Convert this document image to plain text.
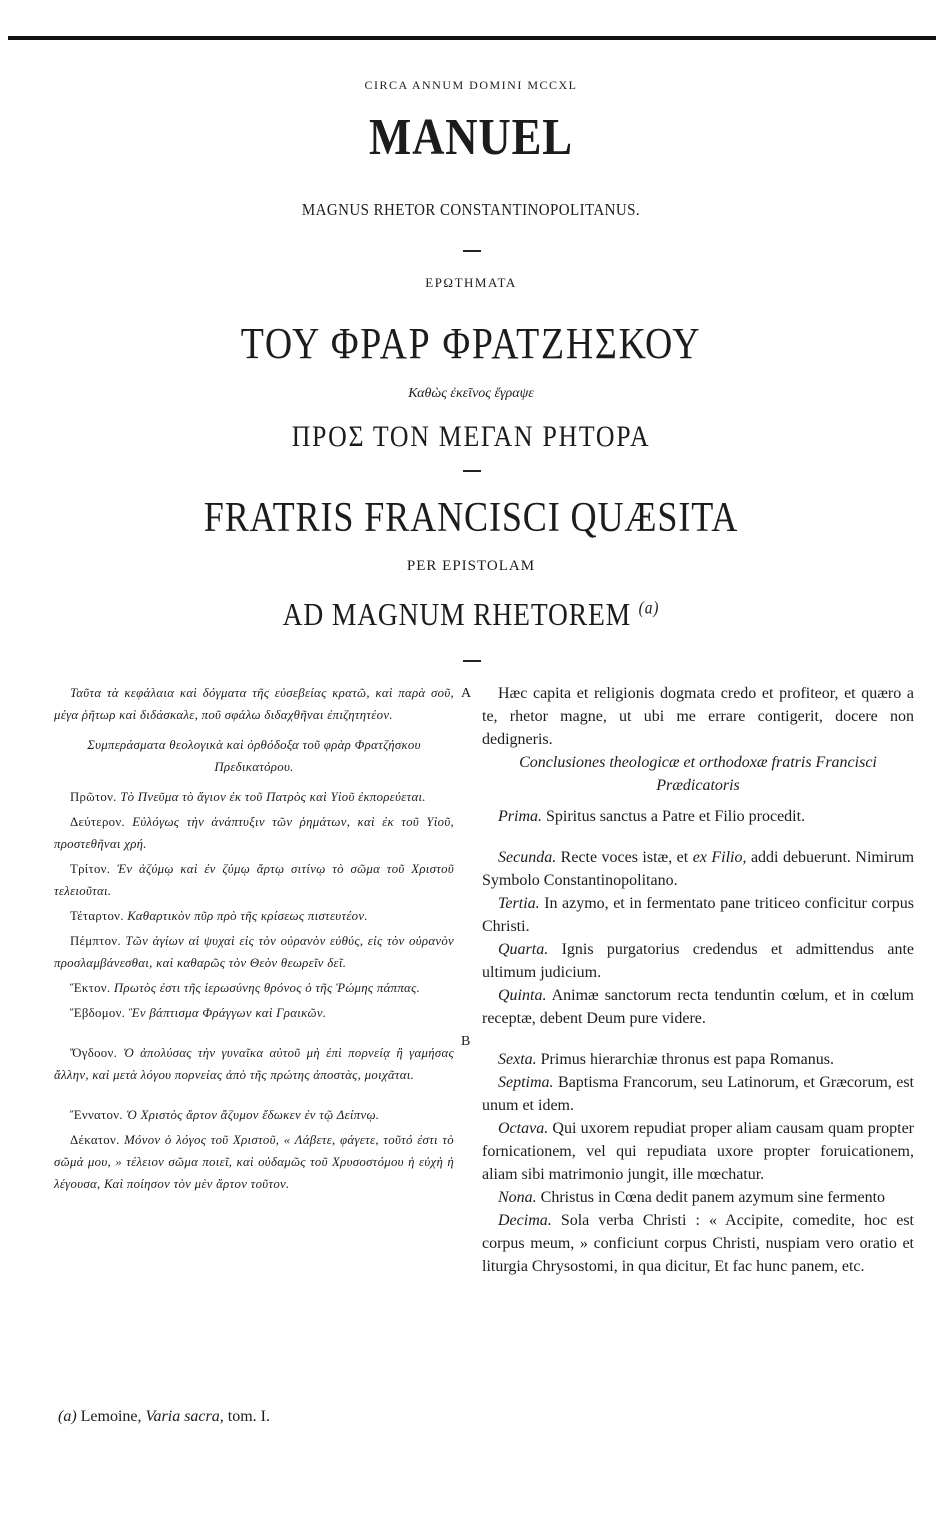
CIRCA ANNUM DOMINI MCCXL
MANUEL
MAGNUS RHETOR CONSTANTINOPOLITANUS.
ΕΡΩΤΗΜΑΤΑ
ΤΟΥ ΦΡΑΡ ΦΡΑΤΖΗΣΚΟΥ
Καθὼς ἐκεῖνος ἔγραψε
ΠΡΟΣ ΤΟΝ ΜΕΓΑΝ ΡΗΤΟΡΑ
FRATRIS FRANCISCI QUÆSITA
PER EPISTOLAM
AD MAGNUM RHETOREM $^{(a)}$
A
B

Ταῦτα τὰ κεφάλαια καὶ δόγματα τῆς εὐσεβείας κρατῶ, καὶ παρὰ σοῦ, μέγα ῥῆτωρ καὶ διδάσκαλε, ποῦ σφάλω διδαχθῆναι ἐπιζητητέον.

Συμπεράσματα θεολογικὰ καὶ ὀρθόδοξα τοῦ φρὰρ Φρατζήσκου Πρεδικατόρου.

Πρῶτον. Τὸ Πνεῦμα τὸ ἅγιον ἐκ τοῦ Πατρὸς καὶ Υἱοῦ ἐκπορεύεται.

Δεύτερον. Εὐλόγως τὴν ἀνάπτυξιν τῶν ῥημάτων, καὶ ἐκ τοῦ Υἱοῦ, προστεθῆναι χρή.

Τρίτον. Ἐν ἀζύμῳ καὶ ἐν ζύμῳ ἄρτῳ σιτίνῳ τὸ σῶμα τοῦ Χριστοῦ τελειοῦται.

Τέταρτον. Καθαρτικὸν πῦρ πρὸ τῆς κρίσεως πιστευτέον.

Πέμπτον. Τῶν ἁγίων αἱ ψυχαὶ εἰς τὸν οὐρανὸν εὐθύς, εἰς τὸν οὐρανὸν προσλαμβάνεσθαι, καὶ καθαρῶς τὸν Θεὸν θεωρεῖν δεῖ.

Ἕκτον. Πρωτὸς ἐστι τῆς ἱερωσύνης θρόνος ὁ τῆς Ῥώμης πάππας.

Ἕβδομον. Ἓν βάπτισμα Φράγγων καὶ Γραικῶν.

Ὄγδοον. Ὁ ἀπολύσας τὴν γυναῖκα αὐτοῦ μὴ ἐπὶ πορνείᾳ ἢ γαμήσας ἄλλην, καὶ μετὰ λόγου πορνείας ἀπὸ τῆς πρώτης ἀποστὰς, μοιχᾶται.

Ἔννατον. Ὁ Χριστὸς ἄρτον ἄζυμον ἔδωκεν ἐν τῷ Δείπνῳ.

Δέκατον. Μόνον ὁ λόγος τοῦ Χριστοῦ, « Λάβετε, φάγετε, τοῦτό ἐστι τὸ σῶμά μου, » τέλειον σῶμα ποιεῖ, καὶ οὐδαμῶς τοῦ Χρυσοστόμου ἡ εὐχὴ ἡ λέγουσα, Καὶ ποίησον τὸν μὲν ἄρτον τοῦτον.

Hæc capita et religionis dogmata credo et profiteor, et quæro a te, rhetor magne, ut ubi me errare contigerit, docere non dedigneris.

Conclusiones theologicæ et orthodoxæ fratris Francisci Prædicatoris

Prima. Spiritus sanctus a Patre et Filio procedit.

Secunda. Recte voces istæ, et ex Filio, addi debuerunt. Nimirum Symbolo Constantinopolitano.

Tertia. In azymo, et in fermentato pane triticeo conficitur corpus Christi.

Quarta. Ignis purgatorius credendus et admittendus ante ultimum judicium.

Quinta. Animæ sanctorum recta tenduntin cœlum, et in cœlum receptæ, debent Deum pure videre.

Sexta. Primus hierarchiæ thronus est papa Romanus.

Septima. Baptisma Francorum, seu Latinorum, et Græcorum, est unum et idem.

Octava. Qui uxorem repudiat proper aliam causam quam propter fornicationem, vel qui repudiata uxore propter foruicationem, aliam sibi matrimonio jungit, ille mœchatur.

Nona. Christus in Cœna dedit panem azymum sine fermento

Decima. Sola verba Christi : « Accipite, comedite, hoc est corpus meum, » conficiunt corpus Christi, nuspiam vero oratio et liturgia Chrysostomi, in qua dicitur, Et fac hunc panem, etc.

(a) Lemoine, Varia sacra, tom. I.
